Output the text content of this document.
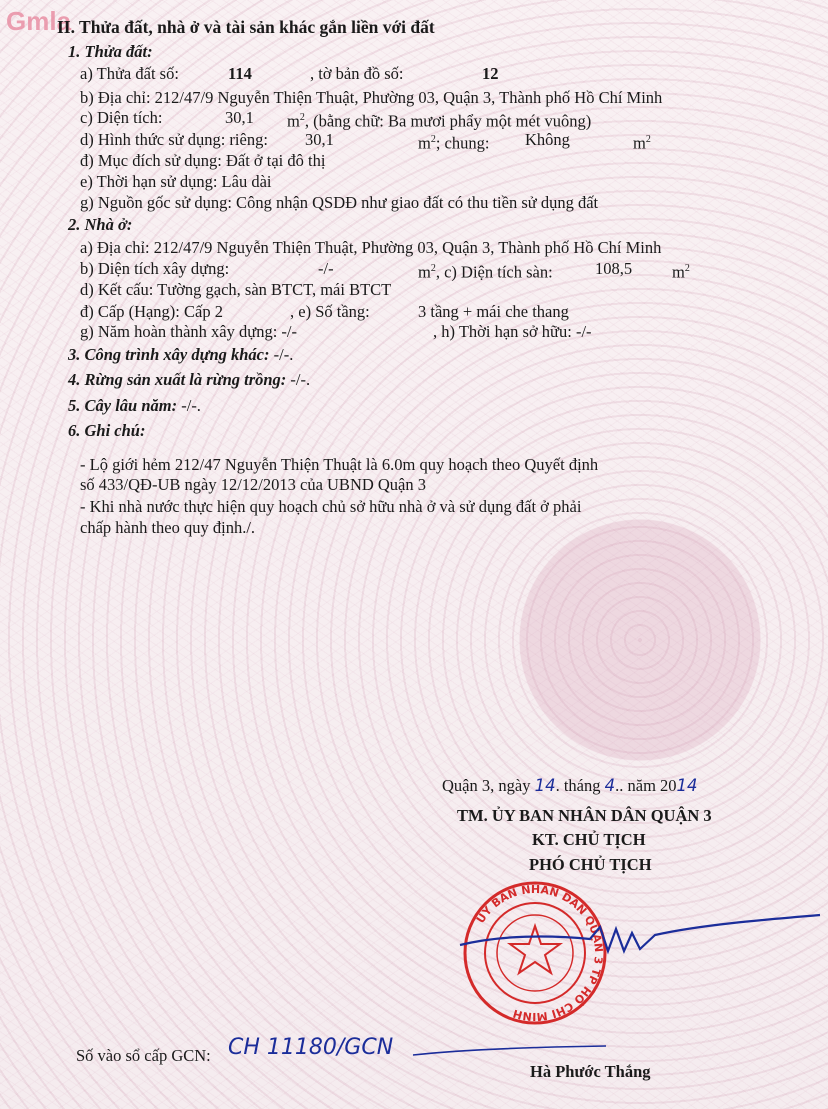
Gmla
II. Thửa đất, nhà ở và tài sản khác gắn liền với đất
1. Thửa đất:
a) Thửa đất số:	114	, tờ bản đồ số:	12
b) Địa chỉ: 212/47/9 Nguyễn Thiện Thuật, Phường 03, Quận 3, Thành phố Hồ Chí Minh
c) Diện tích:	30,1 $m^2$, (bằng chữ: Ba mươi phẩy một mét vuông)
d) Hình thức sử dụng: riêng: 30,1	$m^2$; chung: Không	$m^2$
đ) Mục đích sử dụng: Đất ở tại đô thị
e) Thời hạn sử dụng: Lâu dài
g) Nguồn gốc sử dụng: Công nhận QSDĐ như giao đất có thu tiền sử dụng đất
2. Nhà ở:
a) Địa chỉ: 212/47/9 Nguyễn Thiện Thuật, Phường 03, Quận 3, Thành phố Hồ Chí Minh
b) Diện tích xây dựng:	-/-	$m^2$, c) Diện tích sàn:	108,5 $m^2$
d) Kết cấu: Tường gạch, sàn BTCT, mái BTCT
đ) Cấp (Hạng): Cấp 2	, e) Số tầng:	3 tầng + mái che thang
g) Năm hoàn thành xây dựng: -/-	, h) Thời hạn sở hữu: -/-
3. Công trình xây dựng khác: -/-.
4. Rừng sản xuất là rừng trồng: -/-.
5. Cây lâu năm: -/-.
6. Ghi chú:
- Lộ giới hẻm 212/47 Nguyễn Thiện Thuật là 6.0m quy hoạch theo Quyết định
số 433/QĐ-UB ngày 12/12/2013 của UBND Quận 3
- Khi nhà nước thực hiện quy hoạch chủ sở hữu nhà ở và sử dụng đất ở phải
chấp hành theo quy định./.
Quận 3, ngày 14. tháng 4.. năm 2014
TM. ỦY BAN NHÂN DÂN QUẬN 3
KT. CHỦ TỊCH
PHÓ CHỦ TỊCH
ỦY BAN NHÂN DÂN QUẬN 3 TP HỒ CHÍ MINH
Số vào sổ cấp GCN: CH 11180/GCN
Hà Phước Thắng
